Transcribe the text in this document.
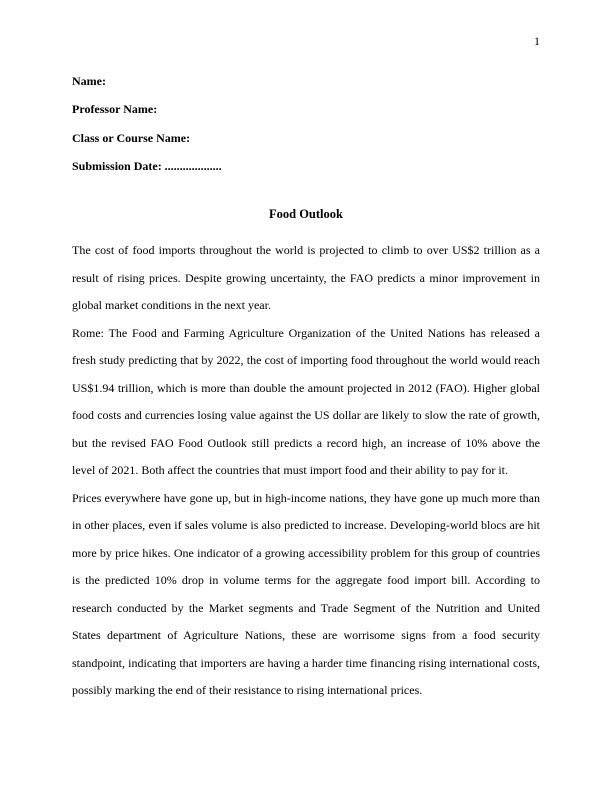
1

Name:

Professor Name:

Class or Course Name:

Submission Date: ...................

Food Outlook

The cost of food imports throughout the world is projected to climb to over US$2 trillion as a result of rising prices. Despite growing uncertainty, the FAO predicts a minor improvement in global market conditions in the next year.

Rome: The Food and Farming Agriculture Organization of the United Nations has released a fresh study predicting that by 2022, the cost of importing food throughout the world would reach US$1.94 trillion, which is more than double the amount projected in 2012 (FAO). Higher global food costs and currencies losing value against the US dollar are likely to slow the rate of growth, but the revised FAO Food Outlook still predicts a record high, an increase of 10% above the level of 2021. Both affect the countries that must import food and their ability to pay for it.

Prices everywhere have gone up, but in high-income nations, they have gone up much more than in other places, even if sales volume is also predicted to increase. Developing-world blocs are hit more by price hikes. One indicator of a growing accessibility problem for this group of countries is the predicted 10% drop in volume terms for the aggregate food import bill. According to research conducted by the Market segments and Trade Segment of the Nutrition and United States department of Agriculture Nations, these are worrisome signs from a food security standpoint, indicating that importers are having a harder time financing rising international costs, possibly marking the end of their resistance to rising international prices.
